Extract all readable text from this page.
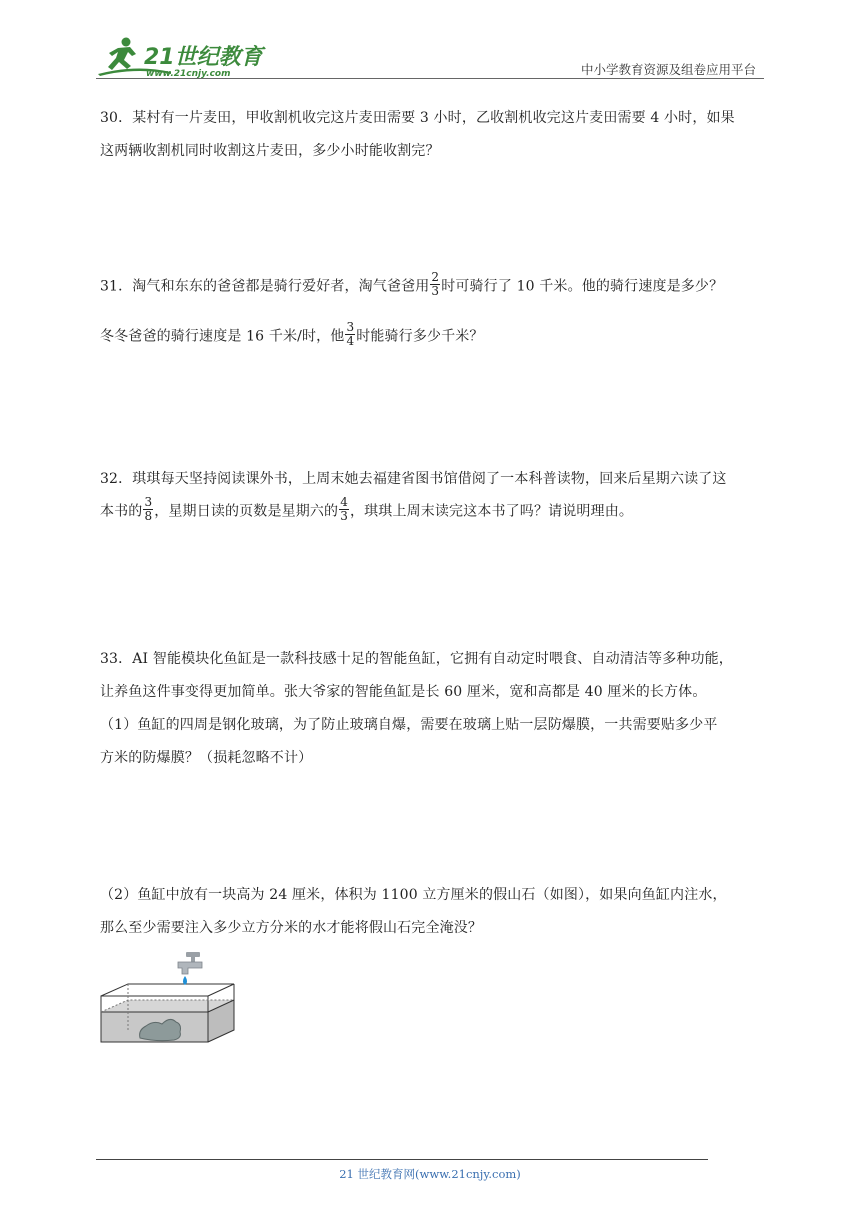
21世纪教育
www.21cnjy.com	中小学教育资源及组卷应用平台
30．某村有一片麦田，甲收割机收完这片麦田需要 3 小时，乙收割机收完这片麦田需要 4 小时，如果
这两辆收割机同时收割这片麦田，多少小时能收割完？
31．淘气和东东的爸爸都是骑行爱好者，淘气爸爸用 $\frac{2}{3}$ 时可骑行了 10 千米。他的骑行速度是多少？
冬冬爸爸的骑行速度是 16 千米/时，他 $\frac{3}{4}$ 时能骑行多少千米？
32．琪琪每天坚持阅读课外书，上周末她去福建省图书馆借阅了一本科普读物，回来后星期六读了这
本书的 $\frac{3}{8}$ ，星期日读的页数是星期六的 $\frac{4}{3}$ ，琪琪上周末读完这本书了吗？请说明理由。
33．AI 智能模块化鱼缸是一款科技感十足的智能鱼缸，它拥有自动定时喂食、自动清洁等多种功能，
让养鱼这件事变得更加简单。张大爷家的智能鱼缸是长 60 厘米，宽和高都是 40 厘米的长方体。
（1）鱼缸的四周是钢化玻璃，为了防止玻璃自爆，需要在玻璃上贴一层防爆膜，一共需要贴多少平
方米的防爆膜？（损耗忽略不计）
（2）鱼缸中放有一块高为 24 厘米，体积为 1100 立方厘米的假山石（如图），如果向鱼缸内注水，
那么至少需要注入多少立方分米的水才能将假山石完全淹没？
21 世纪教育网(www.21cnjy.com)
